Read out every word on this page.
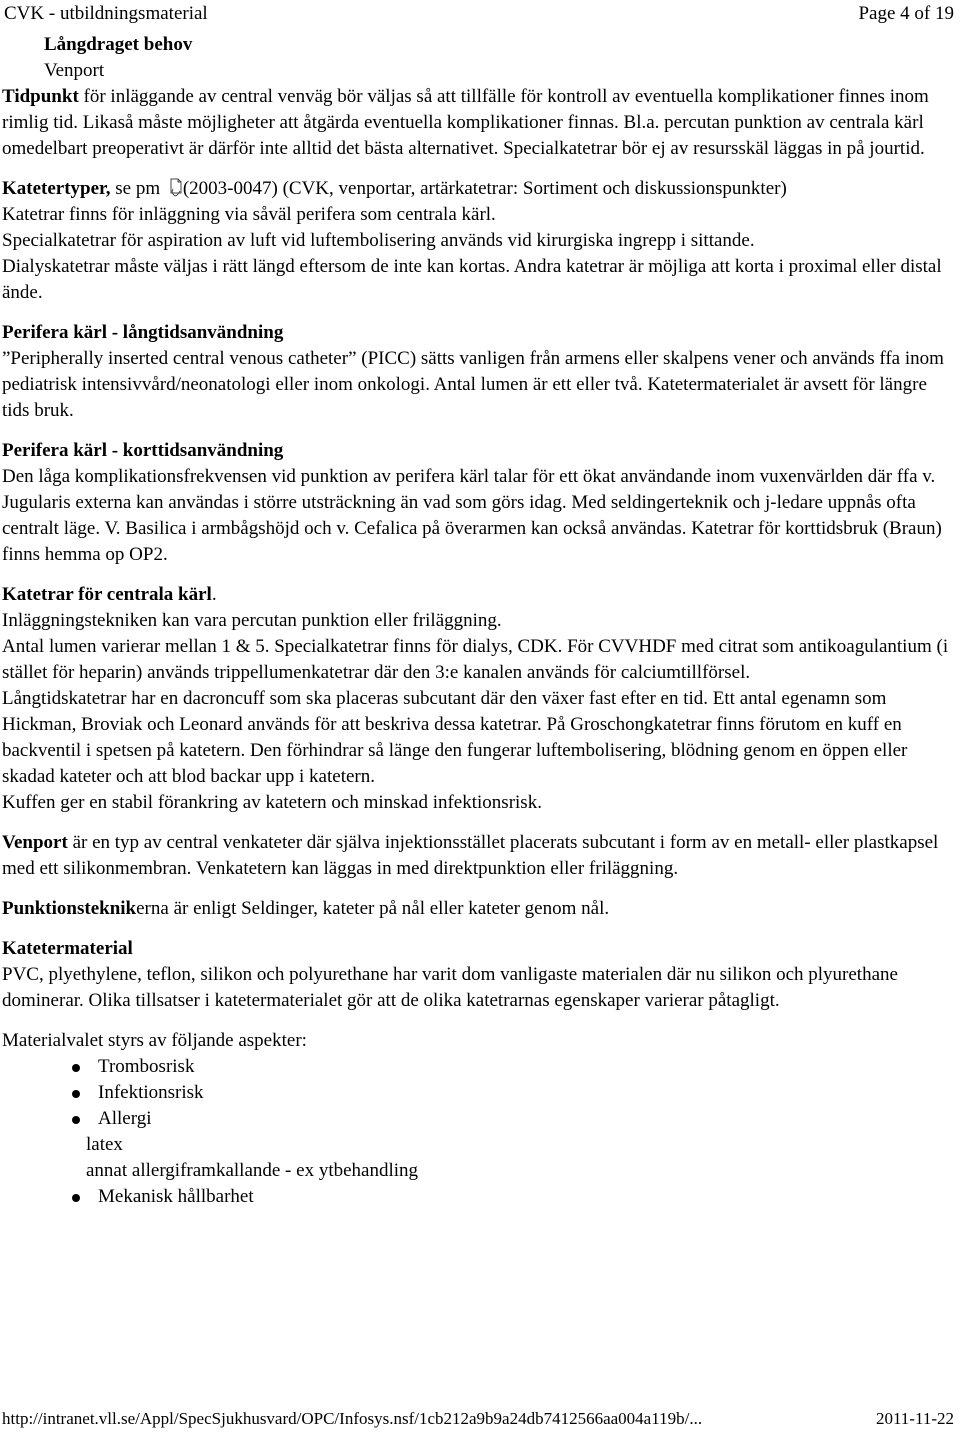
CVK - utbildningsmaterial	Page 4 of 19
Långdraget behov
Venport
Tidpunkt för inläggande av central venväg bör väljas så att tillfälle för kontroll av eventuella komplikationer finnes inom rimlig tid. Likaså måste möjligheter att åtgärda eventuella komplikationer finnas. Bl.a. percutan punktion av centrala kärl omedelbart preoperativt är därför inte alltid det bästa alternativet. Specialkatetrar bör ej av resursskäl läggas in på jourtid.
Katetertyper, se pm (2003-0047) (CVK, venportar, artärkatetrar: Sortiment och diskussionspunkter)
Katetrar finns för inläggning via såväl perifera som centrala kärl.
Specialkatetrar för aspiration av luft vid luftembolisering används vid kirurgiska ingrepp i sittande.
Dialyskatetrar måste väljas i rätt längd eftersom de inte kan kortas. Andra katetrar är möjliga att korta i proximal eller distal ände.
Perifera kärl - långtidsanvändning
”Peripherally inserted central venous catheter” (PICC) sätts vanligen från armens eller skalpens vener och används ffa inom pediatrisk intensivvård/neonatologi eller inom onkologi. Antal lumen är ett eller två. Katetermaterialet är avsett för längre tids bruk.
Perifera kärl - korttidsanvändning
Den låga komplikationsfrekvensen vid punktion av perifera kärl talar för ett ökat användande inom vuxenvärlden där ffa v. Jugularis externa kan användas i större utsträckning än vad som görs idag. Med seldingerteknik och j-ledare uppnås ofta centralt läge. V. Basilica i armbågshöjd och v. Cefalica på överarmen kan också användas. Katetrar för korttidsbruk (Braun) finns hemma op OP2.
Katetrar för centrala kärl.
Inläggningstekniken kan vara percutan punktion eller friläggning.
Antal lumen varierar mellan 1 & 5. Specialkatetrar finns för dialys, CDK. För CVVHDF med citrat som antikoagulantium (i stället för heparin) används trippellumenkatetrar där den 3:e kanalen används för calciumtillförsel.
Långtidskatetrar har en dacroncuff som ska placeras subcutant där den växer fast efter en tid. Ett antal egenamn som Hickman, Broviak och Leonard används för att beskriva dessa katetrar. På Groschongkatetrar finns förutom en kuff en backventil i spetsen på katetern. Den förhindrar så länge den fungerar luftembolisering, blödning genom en öppen eller skadad kateter och att blod backar upp i katetern.
Kuffen ger en stabil förankring av katetern och minskad infektionsrisk.
Venport är en typ av central venkateter där själva injektionsstället placerats subcutant i form av en metall- eller plastkapsel med ett silikonmembran. Venkatetern kan läggas in med direktpunktion eller friläggning.
Punktionsteknikerna är enligt Seldinger, kateter på nål eller kateter genom nål.
Katetermaterial
PVC, plyethylene, teflon, silikon och polyurethane har varit dom vanligaste materialen där nu silikon och plyurethane dominerar. Olika tillsatser i katetermaterialet gör att de olika katetrarnas egenskaper varierar påtagligt.
Materialvalet styrs av följande aspekter:
Trombosrisk
Infektionsrisk
Allergi
latex
annat allergiframkallande - ex ytbehandling
Mekanisk hållbarhet
http://intranet.vll.se/Appl/SpecSjukhusvard/OPC/Infosys.nsf/1cb212a9b9a24db7412566aa004a119b/...	2011-11-22
